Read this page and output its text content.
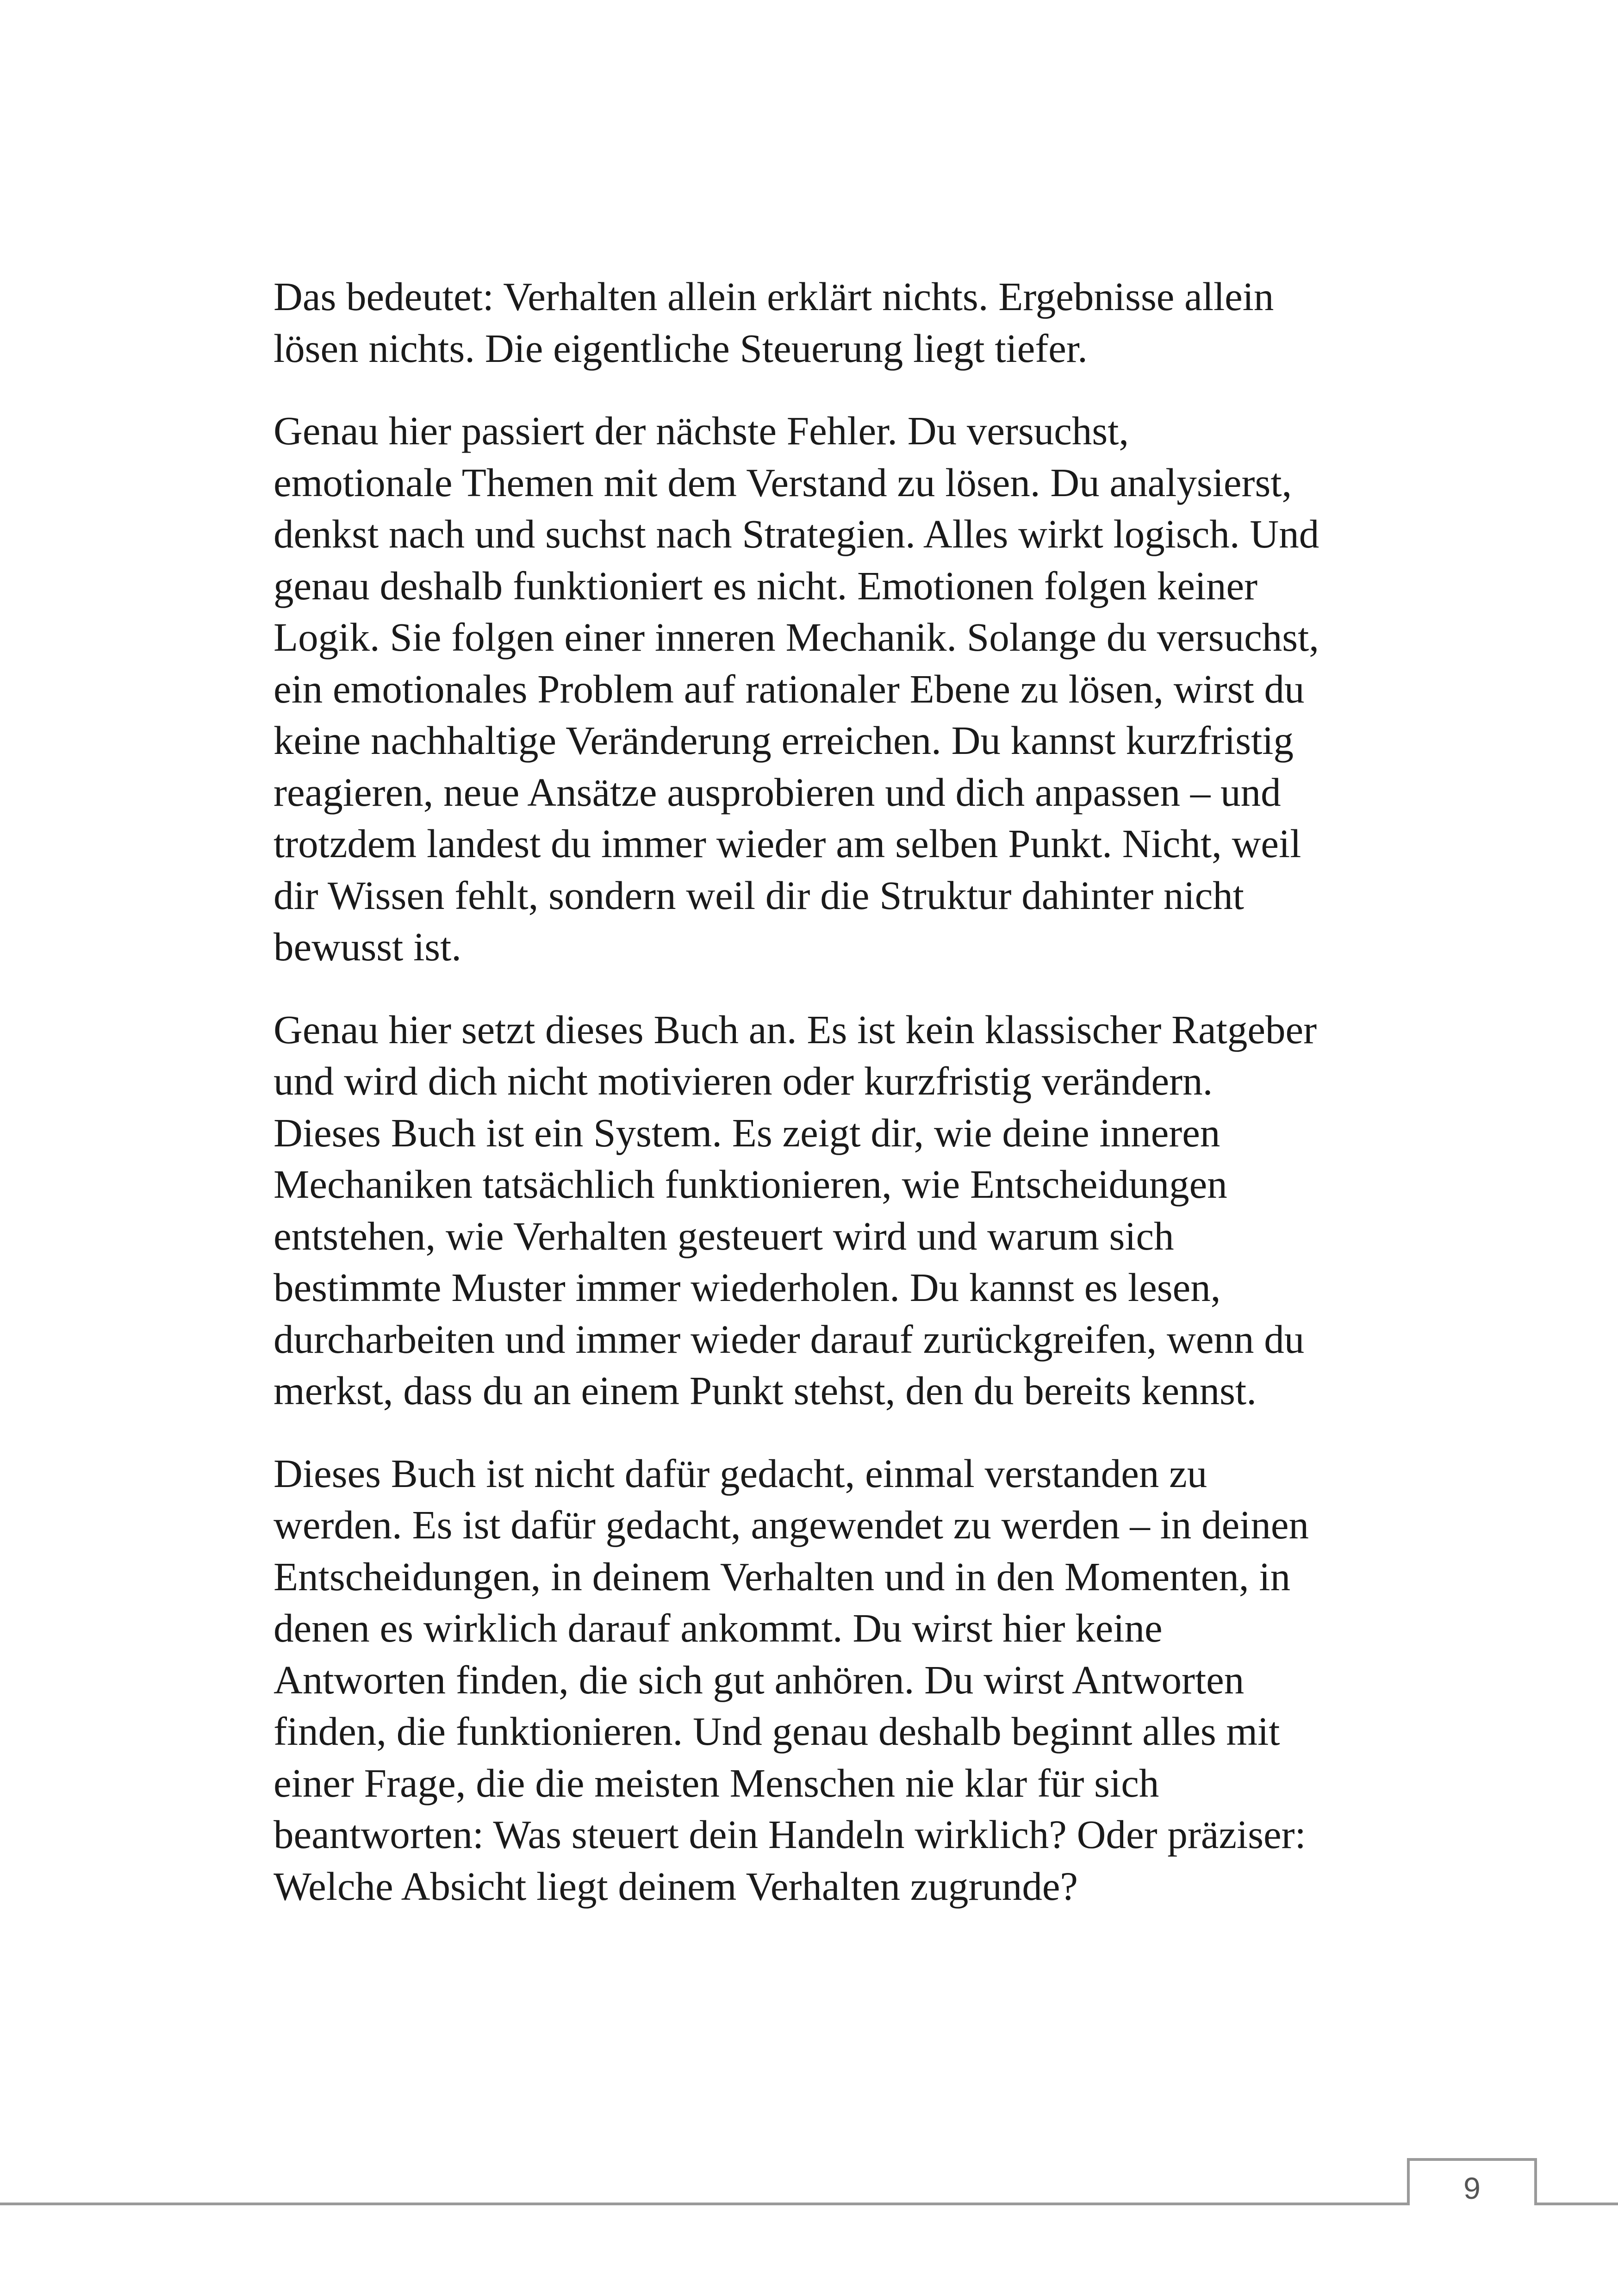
Das bedeutet: Verhalten allein erklärt nichts. Ergebnisse allein
lösen nichts. Die eigentliche Steuerung liegt tiefer.

Genau hier passiert der nächste Fehler. Du versuchst,
emotionale Themen mit dem Verstand zu lösen. Du analysierst,
denkst nach und suchst nach Strategien. Alles wirkt logisch. Und
genau deshalb funktioniert es nicht. Emotionen folgen keiner
Logik. Sie folgen einer inneren Mechanik. Solange du versuchst,
ein emotionales Problem auf rationaler Ebene zu lösen, wirst du
keine nachhaltige Veränderung erreichen. Du kannst kurzfristig
reagieren, neue Ansätze ausprobieren und dich anpassen – und
trotzdem landest du immer wieder am selben Punkt. Nicht, weil
dir Wissen fehlt, sondern weil dir die Struktur dahinter nicht
bewusst ist.

Genau hier setzt dieses Buch an. Es ist kein klassischer Ratgeber
und wird dich nicht motivieren oder kurzfristig verändern.
Dieses Buch ist ein System. Es zeigt dir, wie deine inneren
Mechaniken tatsächlich funktionieren, wie Entscheidungen
entstehen, wie Verhalten gesteuert wird und warum sich
bestimmte Muster immer wiederholen. Du kannst es lesen,
durcharbeiten und immer wieder darauf zurückgreifen, wenn du
merkst, dass du an einem Punkt stehst, den du bereits kennst.

Dieses Buch ist nicht dafür gedacht, einmal verstanden zu
werden. Es ist dafür gedacht, angewendet zu werden – in deinen
Entscheidungen, in deinem Verhalten und in den Momenten, in
denen es wirklich darauf ankommt. Du wirst hier keine
Antworten finden, die sich gut anhören. Du wirst Antworten
finden, die funktionieren. Und genau deshalb beginnt alles mit
einer Frage, die die meisten Menschen nie klar für sich
beantworten: Was steuert dein Handeln wirklich? Oder präziser:
Welche Absicht liegt deinem Verhalten zugrunde?

9
